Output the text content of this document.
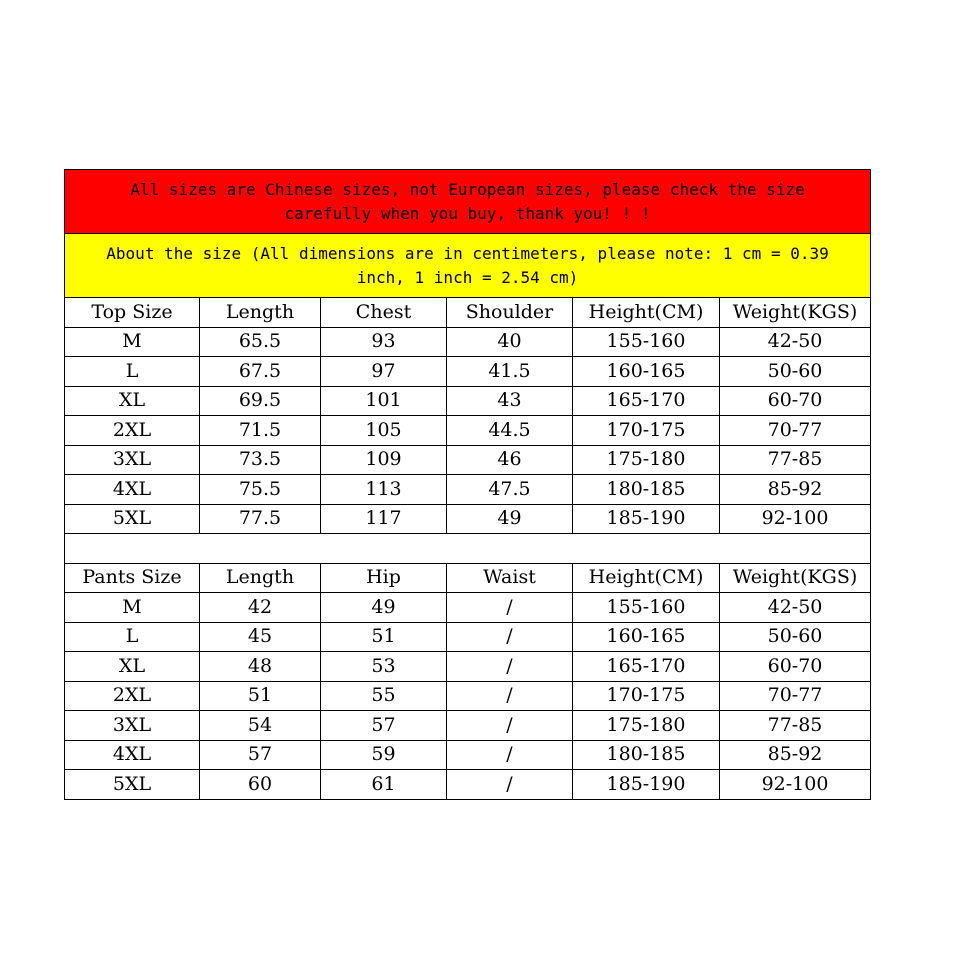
All sizes are Chinese sizes, not European sizes, please check the size carefully when you buy, thank you! ! !					
About the size (All dimensions are in centimeters, please note: 1 cm = 0.39 inch, 1 inch = 2.54 cm)					
Top Size	Length	Chest	Shoulder	Height(CM)	Weight(KGS)
M	65.5	93	40	155-160	42-50
L	67.5	97	41.5	160-165	50-60
XL	69.5	101	43	165-170	60-70
2XL	71.5	105	44.5	170-175	70-77
3XL	73.5	109	46	175-180	77-85
4XL	75.5	113	47.5	180-185	85-92
5XL	77.5	117	49	185-190	92-100

Pants Size	Length	Hip	Waist	Height(CM)	Weight(KGS)
M	42	49	/	155-160	42-50
L	45	51	/	160-165	50-60
XL	48	53	/	165-170	60-70
2XL	51	55	/	170-175	70-77
3XL	54	57	/	175-180	77-85
4XL	57	59	/	180-185	85-92
5XL	60	61	/	185-190	92-100
